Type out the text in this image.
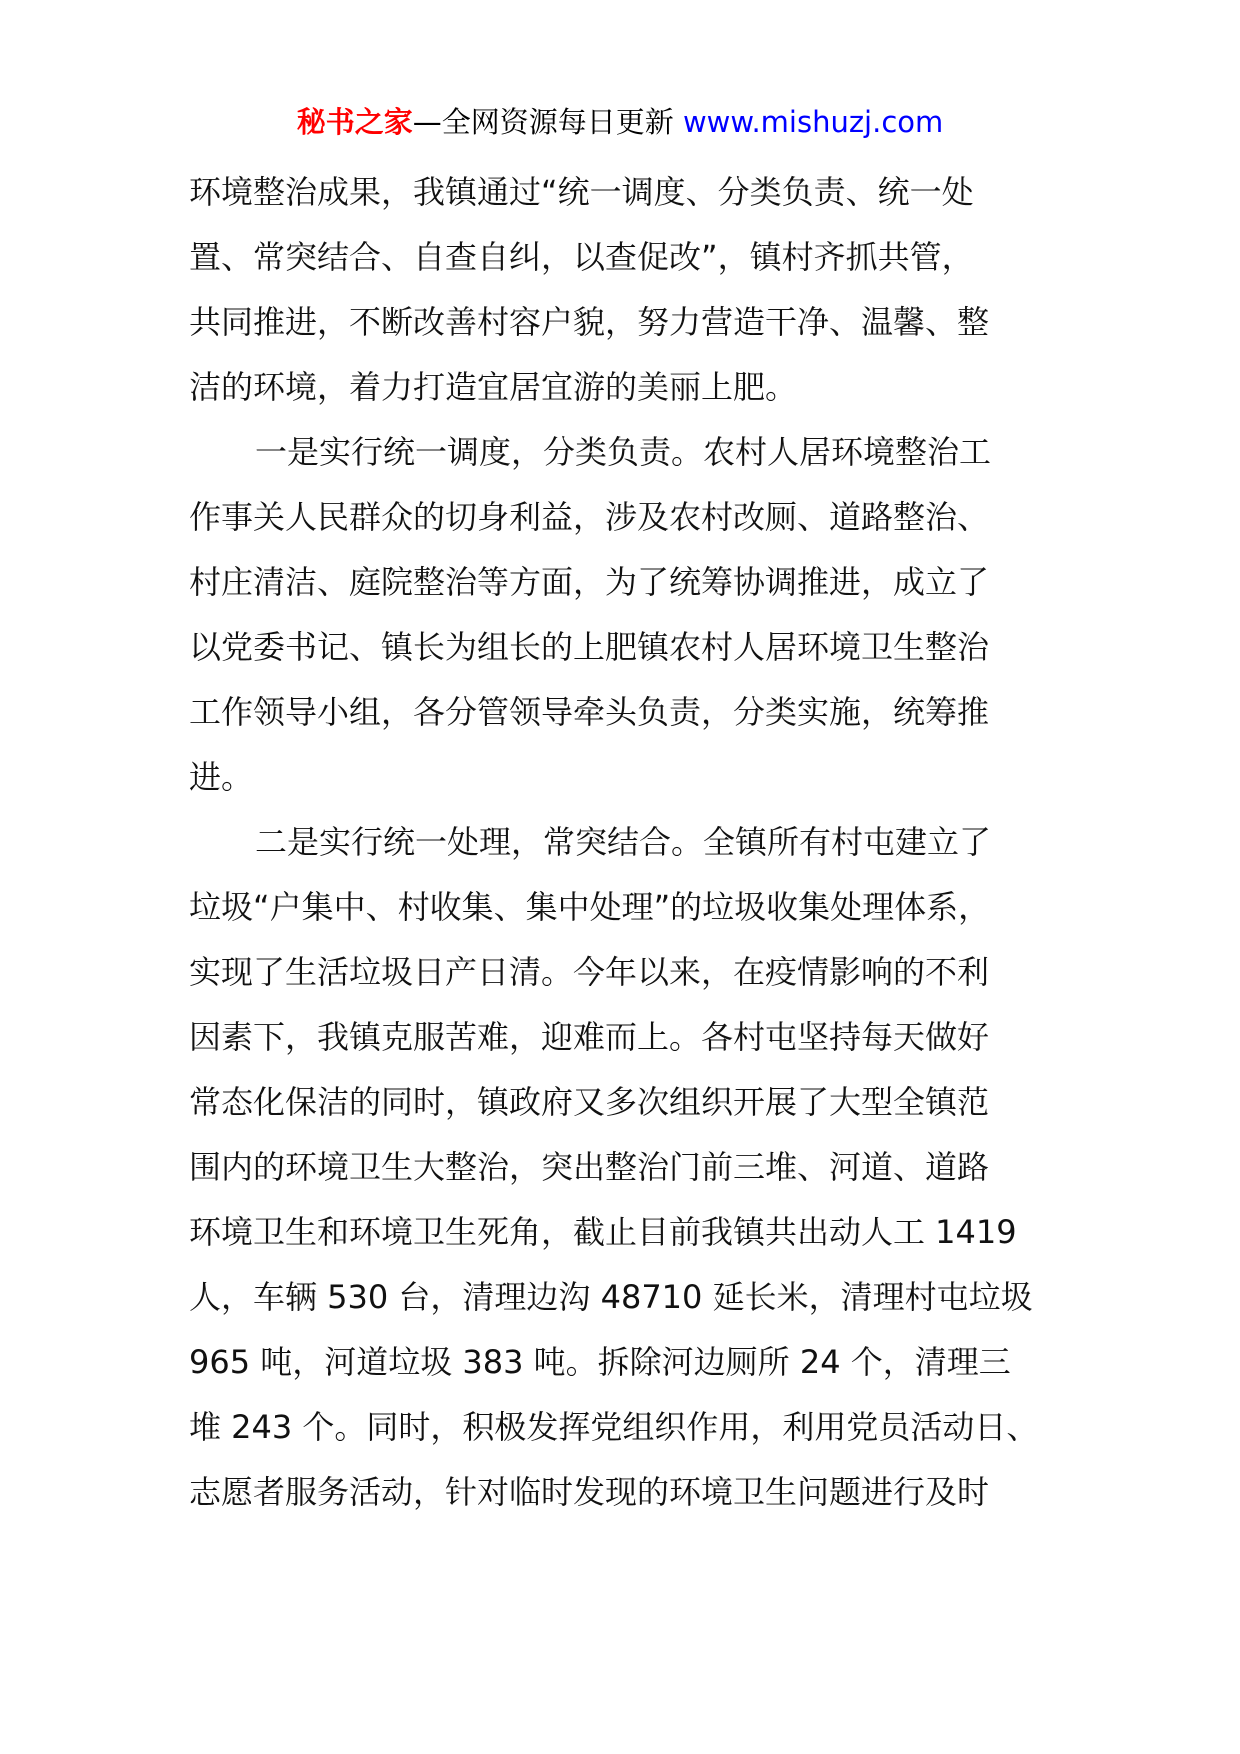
秘书之家—全网资源每日更新 www.mishuzj.com
环境整治成果，我镇通过“统一调度、分类负责、统一处
置、常突结合、自查自纠，以查促改”，镇村齐抓共管，
共同推进，不断改善村容户貌，努力营造干净、温馨、整
洁的环境，着力打造宜居宜游的美丽上肥。
一是实行统一调度，分类负责。农村人居环境整治工
作事关人民群众的切身利益，涉及农村改厕、道路整治、
村庄清洁、庭院整治等方面，为了统筹协调推进，成立了
以党委书记、镇长为组长的上肥镇农村人居环境卫生整治
工作领导小组，各分管领导牵头负责，分类实施，统筹推
进。
二是实行统一处理，常突结合。全镇所有村屯建立了
垃圾“户集中、村收集、集中处理”的垃圾收集处理体系，
实现了生活垃圾日产日清。今年以来，在疫情影响的不利
因素下，我镇克服苦难，迎难而上。各村屯坚持每天做好
常态化保洁的同时，镇政府又多次组织开展了大型全镇范
围内的环境卫生大整治，突出整治门前三堆、河道、道路
环境卫生和环境卫生死角，截止目前我镇共出动人工 1419
人，车辆 530 台，清理边沟 48710 延长米，清理村屯垃圾
965 吨，河道垃圾 383 吨。拆除河边厕所 24 个，清理三
堆 243 个。同时，积极发挥党组织作用，利用党员活动日、
志愿者服务活动，针对临时发现的环境卫生问题进行及时
